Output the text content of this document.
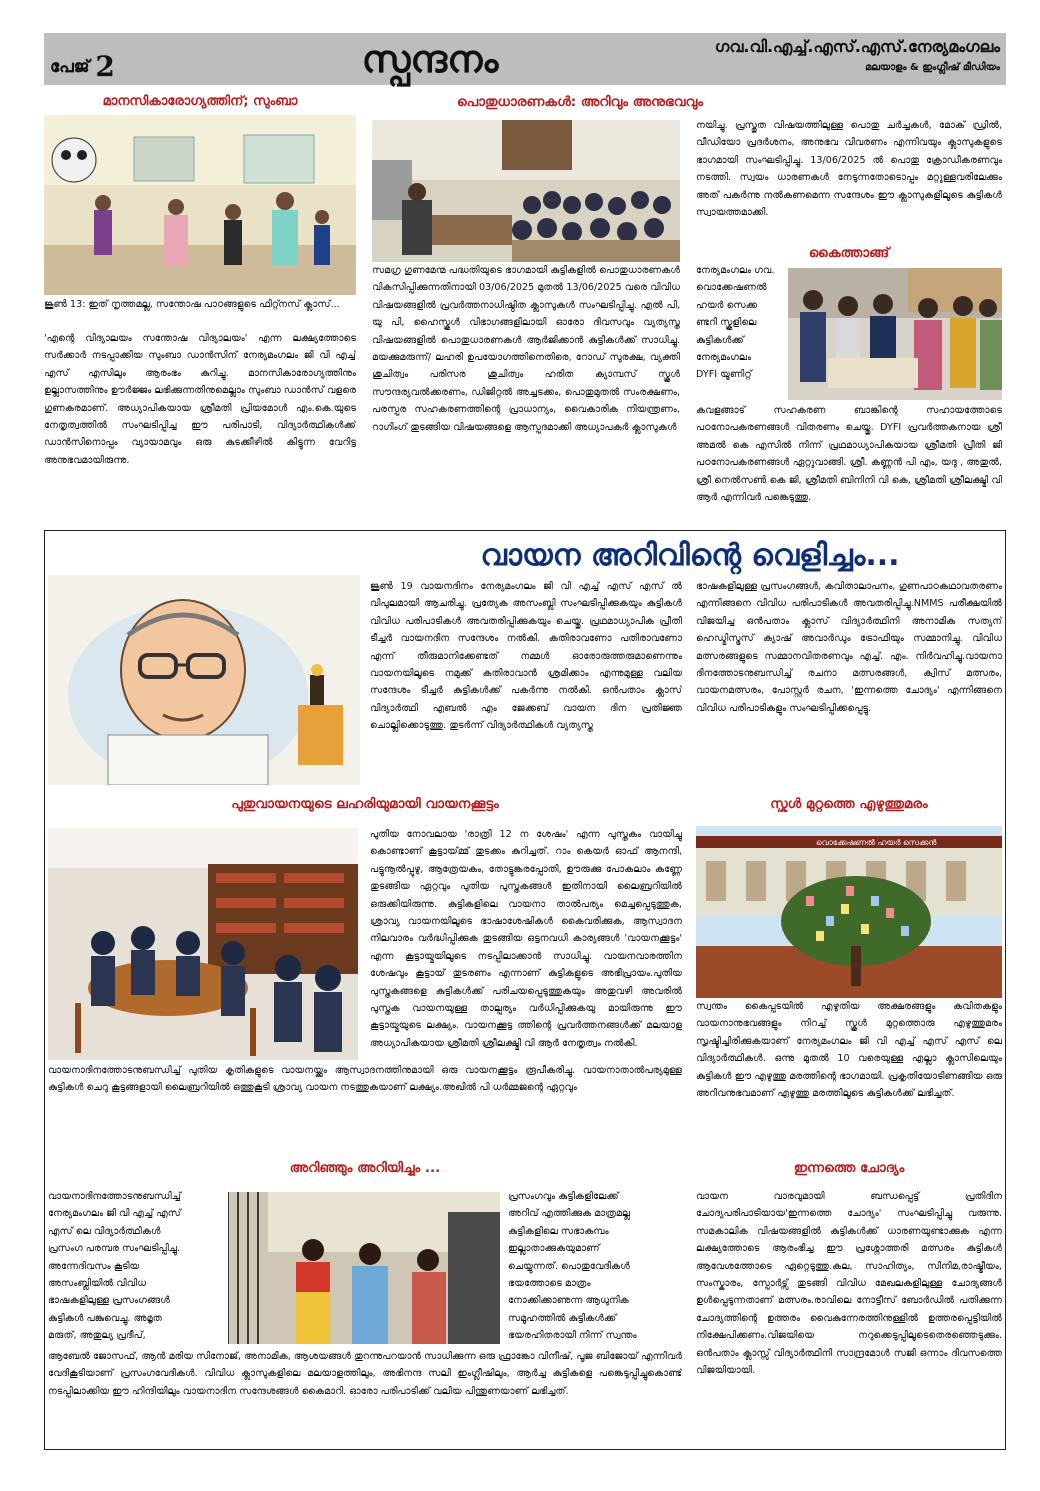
പേജ് 2	സ്പന്ദനം	ഗവ.വി.എച്ച്.എസ്.എസ്.നേര്യമംഗലം
മലയാളം & ഇംഗ്ലീഷ് മീഡിയം
മാനസികാരോഗ്യത്തിന്; സുംബാ
ജൂൺ 13: ഇത് നൃത്തമല്ല, സന്തോഷ പാഠങ്ങളുടെ ഫിറ്റ്നസ് ക്ലാസ്...
'എന്റെ വിദ്യാലയം സന്തോഷ വിദ്യാലയം' എന്ന ലക്ഷ്യത്തോടെ സർക്കാർ നടപ്പാക്കിയ സുംബാ ഡാൻസിന് നേര്യമംഗലം ജി വി എച്ച് എസ് എസിലും ആരംഭം കുറിച്ചു. മാനസികാരോഗ്യത്തിനും ഉല്ലാസത്തിനും ഊർജ്ജം ലഭിക്കുന്നതിനുമെല്ലാം സുംബാ ഡാൻസ് വളരെ ഗുണകരമാണ്. അധ്യാപികയായ ശ്രീമതി പ്രിയമോൾ എം.കെ.യുടെ നേതൃത്വത്തിൽ സംഘടിപ്പിച്ച ഈ പരിപാടി, വിദ്യാർത്ഥികൾക്ക് ഡാൻസിനൊപ്പം വ്യായാമവും ഒരു കുടക്കീഴിൽ കിട്ടുന്ന വേറിട്ട അനുഭവമായിരുന്നു.
പൊതുധാരണകൾ: അറിവും അനുഭവവും
സമഗ്ര ഗുണമേന്മ പദ്ധതിയുടെ ഭാഗമായി കുട്ടികളിൽ പൊതുധാരണകൾ വികസിപ്പിക്കുന്നതിനായി 03/06/2025 മുതൽ 13/06/2025 വരെ വിവിധ വിഷയങ്ങളിൽ പ്രവർത്തനാധിഷ്ഠിത ക്ലാസുകൾ സംഘടിപ്പിച്ചു. എൽ പി, യു പി, ഹൈസ്കൂൾ വിഭാഗങ്ങളിലായി ഓരോ ദിവസവും വ്യത്യസ്ത വിഷയങ്ങളിൽ പൊതുധാരണകൾ ആർജിക്കാൻ കുട്ടികൾക്ക് സാധിച്ചു. മയക്കുമരുന്ന്/ ലഹരി ഉപയോഗത്തിനെതിരെ, റോഡ് സുരക്ഷ, വ്യക്തി ശുചിത്വം പരിസര ശുചിത്വം ഹരിത ക്യാമ്പസ് സ്കൂൾ സൗന്ദര്യവൽക്കരണം, ഡിജിറ്റൽ അച്ചടക്കം, പൊതുമുതൽ സംരക്ഷണം, പരസ്പര സഹകരണത്തിന്റെ പ്രാധാന്യം, വൈകാരിക നിയന്ത്രണം, റാഗിംഗ് തുടങ്ങിയ വിഷയങ്ങളെ ആസ്പദമാക്കി അധ്യാപകർ ക്ലാസുകൾ
നയിച്ചു. പ്രസ്തുത വിഷയത്തിലുള്ള പൊതു ചർച്ചകൾ, മോക് ഡ്രിൽ, വീഡിയോ പ്രദർശനം, അനുഭവ വിവരണം എന്നിവയും ക്ലാസുകളുടെ ഭാഗമായി സംഘടിപ്പിച്ചു. 13/06/2025 ൽ പൊതു ക്രോഡീകരണവും നടത്തി. സ്വയം ധാരണകൾ നേടുന്നതോടൊപ്പം മറ്റുള്ളവരിലേക്കും അത് പകർന്നു നൽകണമെന്ന സന്ദേശം ഈ ക്ലാസുകളിലൂടെ കുട്ടികൾ സ്വായത്തമാക്കി.
കൈത്താങ്ങ്
നേര്യമംഗലം ഗവ.
വൊക്കേഷണൽ
ഹയർ സെക്ക
ണ്ടറി സ്കൂളിലെ
കുട്ടികൾക്ക്
നേര്യമംഗലം
DYFI യൂണിറ്റ്
കവളങ്ങാട് സഹകരണ ബാങ്കിന്റെ സഹായത്തോടെ പഠനോപകരണങ്ങൾ വിതരണം ചെയ്തു. DYFI പ്രവർത്തകനായ ശ്രീ അമൽ കെ എസിൽ നിന്ന് പ്രഥമാധ്യാപികയായ ശ്രീമതി പ്രീതി ജി പഠനോപകരണങ്ങൾ ഏറ്റുവാങ്ങി. ശ്രീ. കണ്ണൻ പി എം, യദു , അതുൽ, ശ്രീ നെൽസൺ കെ ജി, ശ്രീമതി ബിനിനി വി കെ, ശ്രീമതി ശ്രീലക്ഷ്മി വി ആർ എന്നിവർ പങ്കെടുത്തു.
വായന അറിവിന്റെ വെളിച്ചം...
ജൂൺ 19 വായനദിനം നേര്യമംഗലം ജി വി എച്ച് എസ് എസ് ൽ വിപുലമായി ആചരിച്ചു. പ്രത്യേക അസംബ്ലി സംഘടിപ്പിക്കുകയും കുട്ടികൾ വിവിധ പരിപാടികൾ അവതരിപ്പിക്കുകയും ചെയ്തു. പ്രഥമാധ്യാപിക പ്രീതി ടീച്ചർ വായനദിന സന്ദേശം നൽകി. കതിരാവണോ പതിരാവണോ എന്ന് തീരുമാനിക്കേണ്ടത് നമ്മൾ ഓരോരുത്തരുമാണെന്നും വായനയിലൂടെ നമുക്ക് കതിരാവാൻ ശ്രമിക്കാം എന്നുമുള്ള വലിയ സന്ദേശം ടീച്ചർ കുട്ടികൾക്ക് പകർന്നു നൽകി. ഒൻപതാം ക്ലാസ് വിദ്യാർത്ഥി എബൽ എം ജേക്കബ് വായന ദിന പ്രതിജ്ഞ ചൊല്ലിക്കൊടുത്തു. തുടർന്ന് വിദ്യാർത്ഥികൾ വ്യത്യസ്ത
ഭാഷകളിലുള്ള പ്രസംഗങ്ങൾ, കവിതാലാപനം, ഗുണപാഠകഥാവതരണം എന്നിങ്ങനെ വിവിധ പരിപാടികൾ അവതരിപ്പിച്ചു.NMMS പരീക്ഷയിൽ വിജയിച്ച ഒൻപതാം ക്ലാസ് വിദ്യാർത്ഥിനി അനാമിക സത്യന് ഹെഡ്മിസ്ട്രസ് ക്യാഷ് അവാർഡും ട്രോഫിയും സമ്മാനിച്ചു. വിവിധ മത്സരങ്ങളുടെ സമ്മാനവിതരണവും എച്ച്. എം. നിർവഹിച്ചു.വായനാ ദിനത്തോടനുബന്ധിച്ച് രചനാ മത്സരങ്ങൾ, ക്വിസ് മത്സരം, വായനമത്സരം, പോസ്റ്റർ രചന, 'ഇന്നത്തെ ചോദ്യം' എന്നിങ്ങനെ വിവിധ പരിപാടികളും സംഘടിപ്പിക്കപ്പെട്ടു.
പുതുവായനയുടെ ലഹരിയുമായി വായനക്കൂട്ടം
പുതിയ നോവലായ 'രാത്രി 12 ന ശേഷം' എന്ന പുസ്തകം വായിച്ചു കൊണ്ടാണ് കൂട്ടായ്മ്മ് തുടക്കം കുറിച്ചത്. റാം കെയർ ഓഫ് ആനന്ദി, പട്ടുനൂൽപ്പുഴു, ആത്രേയകം, തോട്ടുങ്കരപ്പോതി, ഊരുക്കു പോകലാം കണ്ണേ തുടങ്ങിയ ഏറ്റവും പുതിയ പുസ്തകങ്ങൾ ഇതിനായി ലൈബ്രറിയിൽ ഒരുക്കിയിരുന്നു. കുട്ടികളിലെ വായനാ താൽപര്യം മെച്ചപ്പെടുത്തുക, ശ്രാവ്യ വായനയിലൂടെ ഭാഷാശേഷികൾ കൈവരിക്കുക, ആസ്വാദന നിലവാരം വർദ്ധിപ്പിക്കുക തുടങ്ങിയ ഒട്ടനവധി കാര്യങ്ങൾ 'വായനക്കൂട്ടം' എന്ന കൂട്ടായ്മയിലൂടെ നടപ്പിലാക്കാൻ സാധിച്ചു. വായനവാരത്തിന ശേഷവും കൂട്ടായ് തുടരണം എന്നാണ് കുട്ടികളുടെ അഭിപ്രായം.പുതിയ പുസ്തകങ്ങളെ കുട്ടികൾക്ക് പരിചയപ്പെടുത്തുകയും അതുവഴി അവരിൽ പുസ്തക വായനയുള്ള താല്പര്യം വർധിപ്പിക്കുകയു മായിരുന്നു ഈ കൂട്ടായ്മയുടെ ലക്ഷ്യം. വായനക്കൂട്ട ത്തിന്റെ പ്രവർത്തനങ്ങൾക്ക് മലയാള അധ്യാപികയായ ശ്രീമതി ശ്രീലക്ഷ്മി വി ആർ നേതൃത്വം നൽകി.
വായനാദിനത്തോടനുബന്ധിച്ച് പുതിയ കൃതികളുടെ വായനയ്ക്കും ആസ്വാദനത്തിനുമായി ഒരു വായനക്കൂട്ടം രൂപീകരിച്ചു. വായനാതാൽപര്യമുള്ള കുട്ടികൾ ചെറു കൂട്ടങ്ങളായി ലൈബ്രറിയിൽ ഒത്തുകൂടി ശ്രാവ്യ വായന നടത്തുകയാണ് ലക്ഷ്യം.അഖിൽ പി ധർമ്മജന്റെ ഏറ്റവും
സ്കൂൾ മുറ്റത്തെ എഴുത്തുമരം
വൊക്കേഷണൽ ഹയർ സെക്കൻ
സ്വന്തം കൈപ്പടയിൽ എഴുതിയ അക്ഷരങ്ങളും കവിതകളും വായനാനുഭവങ്ങളും നിറച്ച് സ്കൂൾ മുറ്റത്തൊരു എഴുത്തുമരം സൃഷ്ടിച്ചിരിക്കുകയാണ് നേര്യമംഗലം ജി വി എച്ച് എസ് എസ് ലെ വിദ്യാർത്ഥികൾ. ഒന്നു മുതൽ 10 വരെയുള്ള എല്ലാ ക്ലാസിലെയും കുട്ടികൾ ഈ എഴുത്തു മരത്തിന്റെ ഭാഗമായി. പ്രകൃതിയോടിണങ്ങിയ ഒരു അറിവനുഭവമാണ് എഴുത്തു മരത്തിലൂടെ കുട്ടികൾക്ക് ലഭിച്ചത്.
അറിഞ്ഞും അറിയിച്ചും ...
വായനാദിനത്തോടനുബന്ധിച്ച്
നേര്യമംഗലം ജി വി എച്ച് എസ്
എസ് ലെ വിദ്യാർത്ഥികൾ
പ്രസംഗ പരമ്പര സംഘടിപ്പിച്ചു.
അന്നേദിവസം കൂടിയ
അസംബ്ലിയിൽ വിവിധ
ഭാഷകളിലുള്ള പ്രസംഗങ്ങൾ
കുട്ടികൾ പങ്കുവെച്ചു. അമൃത
മരുത്, അതുല്യ പ്രദീപ്,
പ്രസംഗവും കുട്ടികളിലേക്ക്
അറിവ് എത്തിക്കുക മാത്രമല്ല
കുട്ടികളിലെ സഭാകമ്പം
ഇല്ലാതാക്കുകയുമാണ്
ചെയ്യുന്നത്. പൊതുവേദികൾ
ഭയത്തോടെ മാത്രം
നോക്കിക്കാണുന്ന ആധുനിക
സമൂഹത്തിൽ കുട്ടികൾക്ക്
ഭയരഹിതരായി നിന്ന് സ്വന്തം
ആബേൽ ജോസഫ്, ആൻ മരിയ സിനോജ്, അനാമിക, ആശയങ്ങൾ തുറന്നുപറയാൻ സാധിക്കുന്ന ഒരു ഫ്രാങ്കോ വിനീഷ്, പൂജ ബിജോയ് എന്നിവർ വേദികൂടിയാണ് പ്രസംഗവേദികൾ. വിവിധ ക്ലാസുകളിലെ മലയാളത്തിലും, അഭിനന്ദ സലി ഇംഗ്ലീഷിലും, ആർച്ച കുട്ടികളെ പങ്കെടുപ്പിച്ചുകൊണ്ട് നടപ്പിലാക്കിയ ഈ ഹിന്ദിയിലും വായനാദിന സന്ദേശങ്ങൾ കൈമാറി. ഓരോ പരിപാടിക്ക് വലിയ പിന്തുണയാണ് ലഭിച്ചത്.
ഇന്നത്തെ ചോദ്യം
വായന വാരവുമായി ബന്ധപ്പെട്ട് പ്രതിദിന ചോദ്യപരിപാടിയായ'ഇന്നത്തെ ചോദ്യം' സംഘടിപ്പിച്ചു വരുന്നു. സമകാലിക വിഷയങ്ങളിൽ കുട്ടികൾക്ക് ധാരണയുണ്ടാക്കുക എന്ന ലക്ഷ്യത്തോടെ ആരംഭിച്ച ഈ പ്രശ്നോത്തരി മത്സരം കുട്ടികൾ ആവേശത്തോടെ ഏറ്റെടുത്തു.കല, സാഹിത്യം, സിനിമ,രാഷ്ട്രീയം, സംസ്കാരം, സ്പോർട്സ് തുടങ്ങി വിവിധ മേഖലകളിലുള്ള ചോദ്യങ്ങൾ ഉൾപ്പെടുന്നതാണ് മത്സരം.രാവിലെ നോട്ടീസ് ബോർഡിൽ പതിക്കുന്ന ചോദ്യത്തിന്റെ ഉത്തരം വൈകുന്നേരത്തിനുള്ളിൽ ഉത്തരപ്പെട്ടിയിൽ നിക്ഷേപിക്കണം.വിജയിയെ നറുക്കെടുപ്പിലൂടെതെരഞ്ഞെടുക്കും. ഒൻപതാം ക്ലാസ്സ് വിദ്യാർത്ഥിനി സാന്ദ്രമോൾ സജി ഒന്നാം ദിവസത്തെ വിജയിയായി.
